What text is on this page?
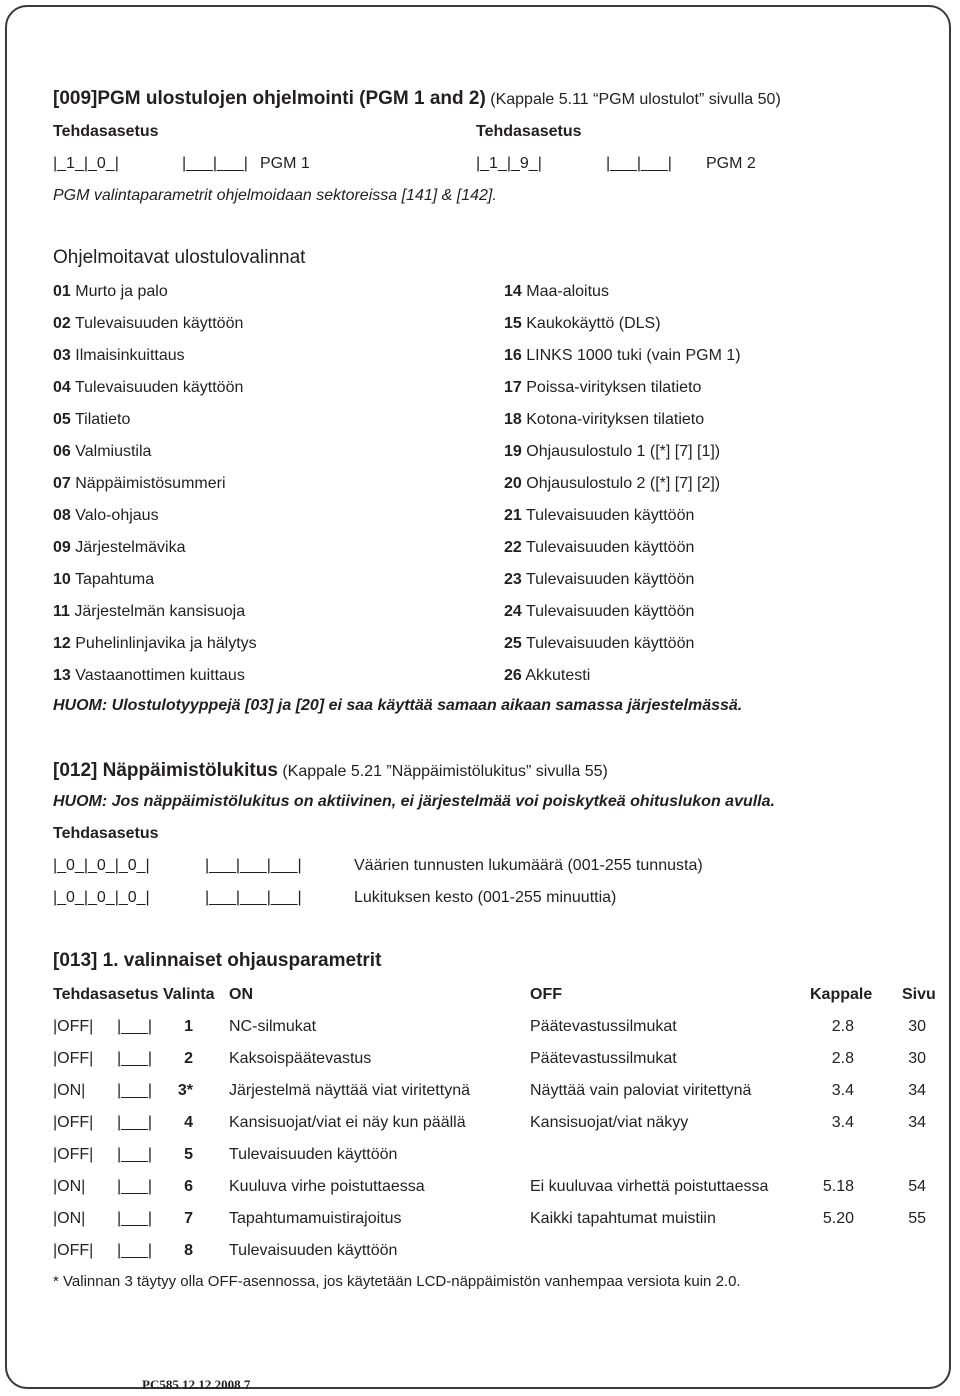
[009]PGM ulostulojen ohjelmointi (PGM 1 and 2) (Kappale 5.11 “PGM ulostulot” sivulla 50)
Tehdasasetus	Tehdasasetus
|_1_|_0_|	|___|___| PGM 1	|_1_|_9_|	|___|___| PGM 2
PGM valintaparametrit ohjelmoidaan sektoreissa [141] & [142].
Ohjelmoitavat ulostulovalinnat
01 Murto ja palo
02 Tulevaisuuden käyttöön
03 Ilmaisinkuittaus
04 Tulevaisuuden käyttöön
05 Tilatieto
06 Valmiustila
07 Näppäimistösummeri
08 Valo-ohjaus
09 Järjestelmävika
10 Tapahtuma
11 Järjestelmän kansisuoja
12 Puhelinlinjavika ja hälytys
13 Vastaanottimen kuittaus
14 Maa-aloitus
15 Kaukokäyttö (DLS)
16 LINKS 1000 tuki (vain PGM 1)
17 Poissa-virityksen tilatieto
18 Kotona-virityksen tilatieto
19 Ohjausulostulo 1 ([*] [7] [1])
20 Ohjausulostulo 2 ([*] [7] [2])
21 Tulevaisuuden käyttöön
22 Tulevaisuuden käyttöön
23 Tulevaisuuden käyttöön
24 Tulevaisuuden käyttöön
25 Tulevaisuuden käyttöön
26 Akkutesti
HUOM: Ulostulotyyppejä [03] ja [20] ei saa käyttää samaan aikaan samassa järjestelmässä.
[012] Näppäimistölukitus (Kappale 5.21 ”Näppäimistölukitus” sivulla 55)
HUOM: Jos näppäimistölukitus on aktiivinen, ei järjestelmää voi poiskytkeä ohituslukon avulla.
Tehdasasetus
|_0_|_0_|_0_|	|___|___|___|	Väärien tunnusten lukumäärä (001-255 tunnusta)
|_0_|_0_|_0_|	|___|___|___|	Lukituksen kesto (001-255 minuuttia)
[013] 1. valinnaiset ohjausparametrit
Tehdasasetus Valinta ON	OFF	Kappale Sivu
|OFF| |___|	1 NC-silmukat	Päätevastussilmukat	2.8	30
|OFF| |___|	2 Kaksoispäätevastus	Päätevastussilmukat	2.8	30
|ON| |___| 3* Järjestelmä näyttää viat viritettynä	Näyttää vain paloviat viritettynä	3.4	34
|OFF| |___|	4 Kansisuojat/viat ei näy kun päällä	Kansisuojat/viat näkyy	3.4	34
|OFF| |___|	5 Tulevaisuuden käyttöön
|ON| |___|	6 Kuuluva virhe poistuttaessa	Ei kuuluvaa virhettä poistuttaessa	5.18	54
|ON| |___|	7 Tapahtumamuistirajoitus	Kaikki tapahtumat muistiin	5.20	55
|OFF| |___|	8 Tulevaisuuden käyttöön
* Valinnan 3 täytyy olla OFF-asennossa, jos käytetään LCD-näppäimistön vanhempaa versiota kuin 2.0.
PC585 12.12.2008 7
